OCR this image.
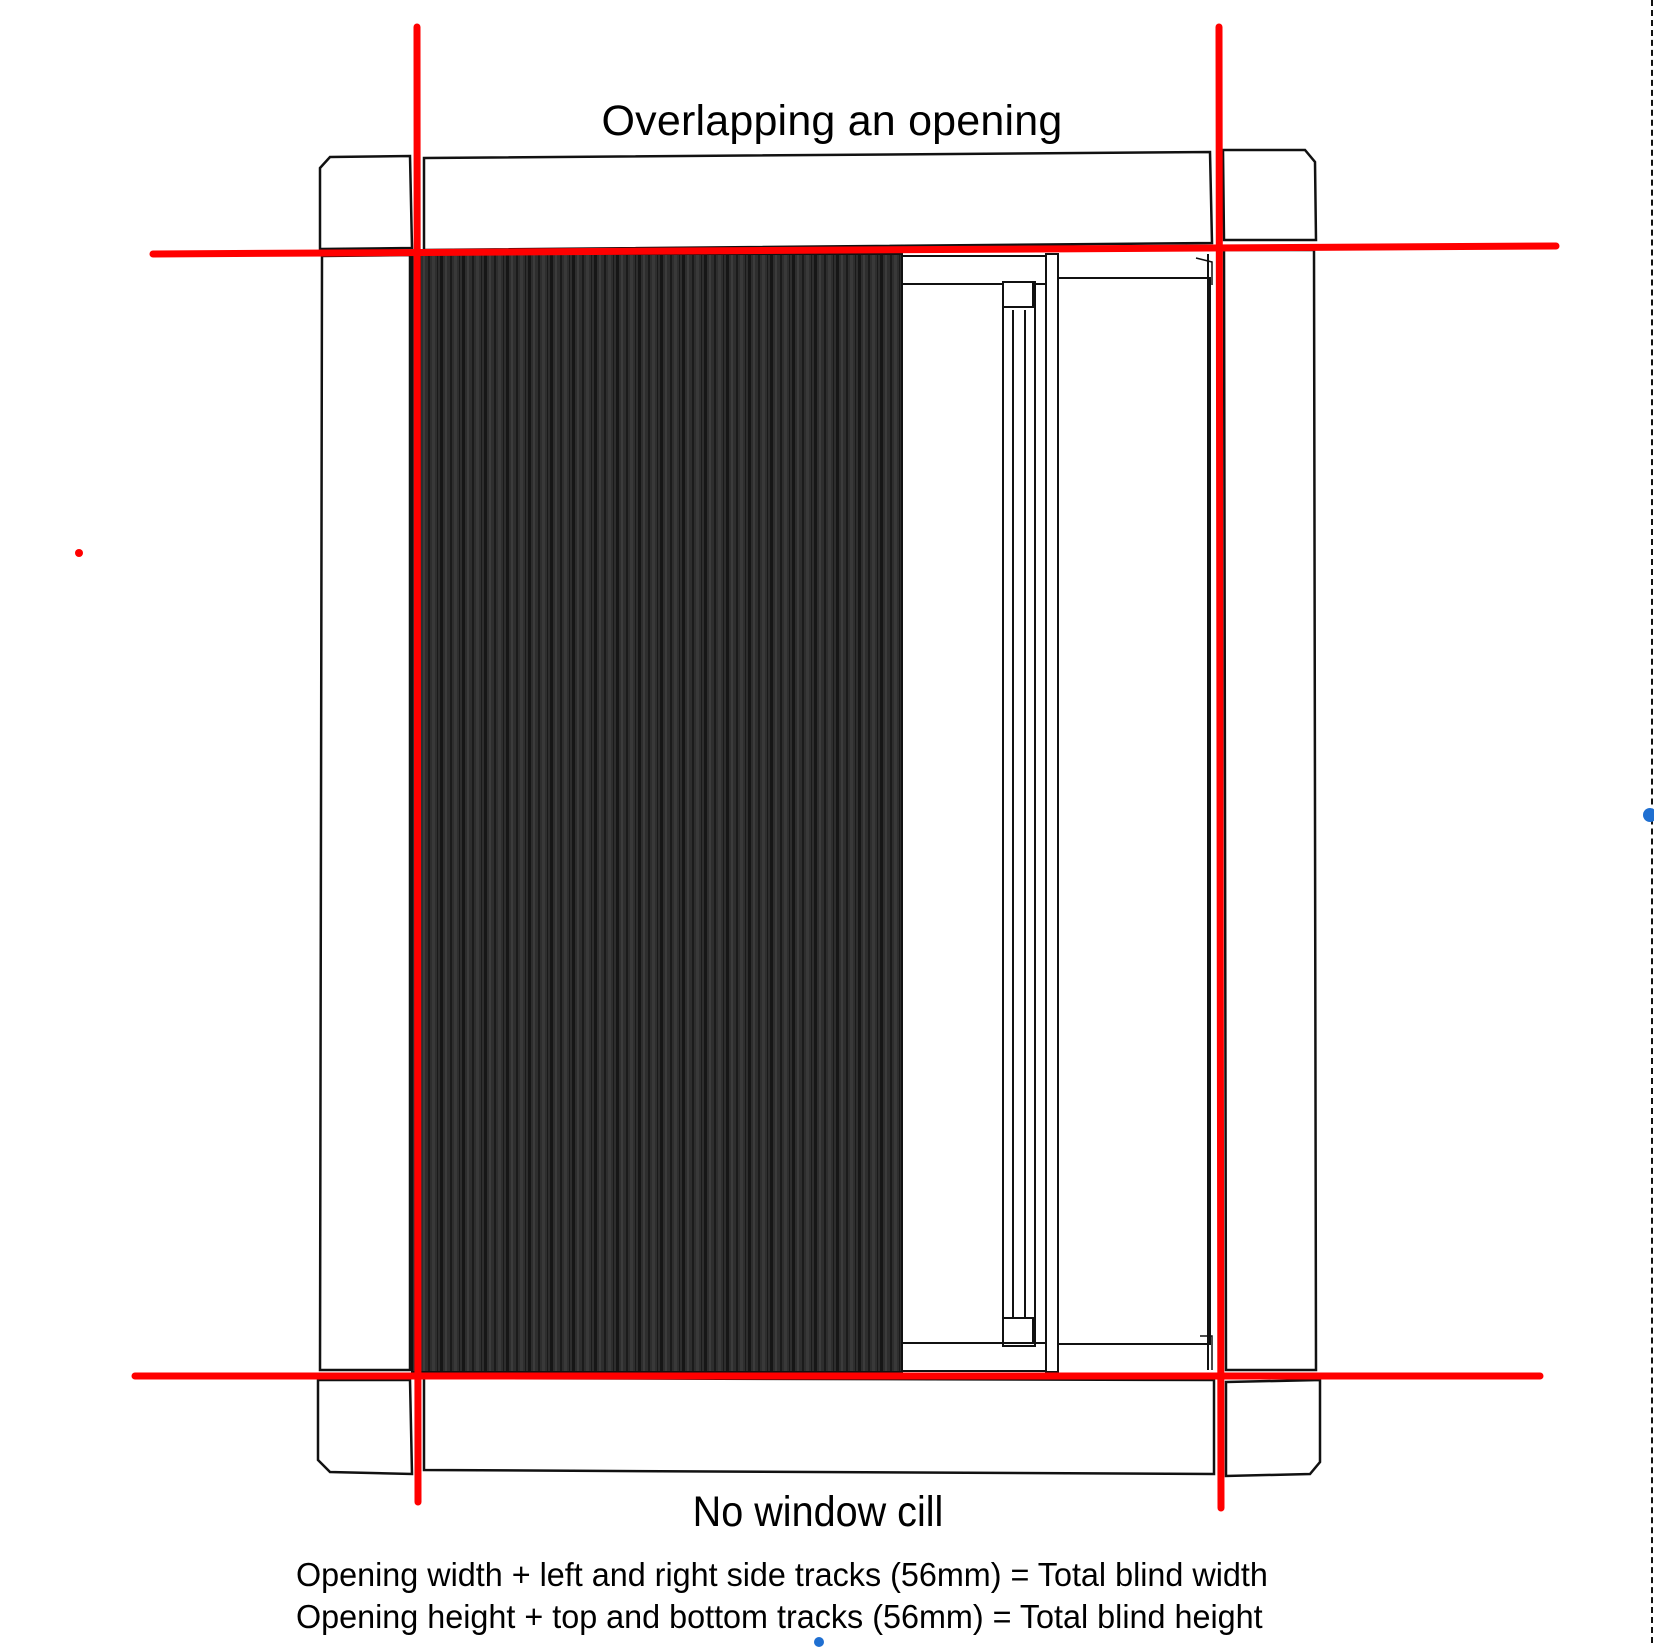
Overlapping an opening
No window cill
Opening width + left and right side tracks (56mm) = Total blind width
Opening height + top and bottom tracks (56mm) = Total blind height
